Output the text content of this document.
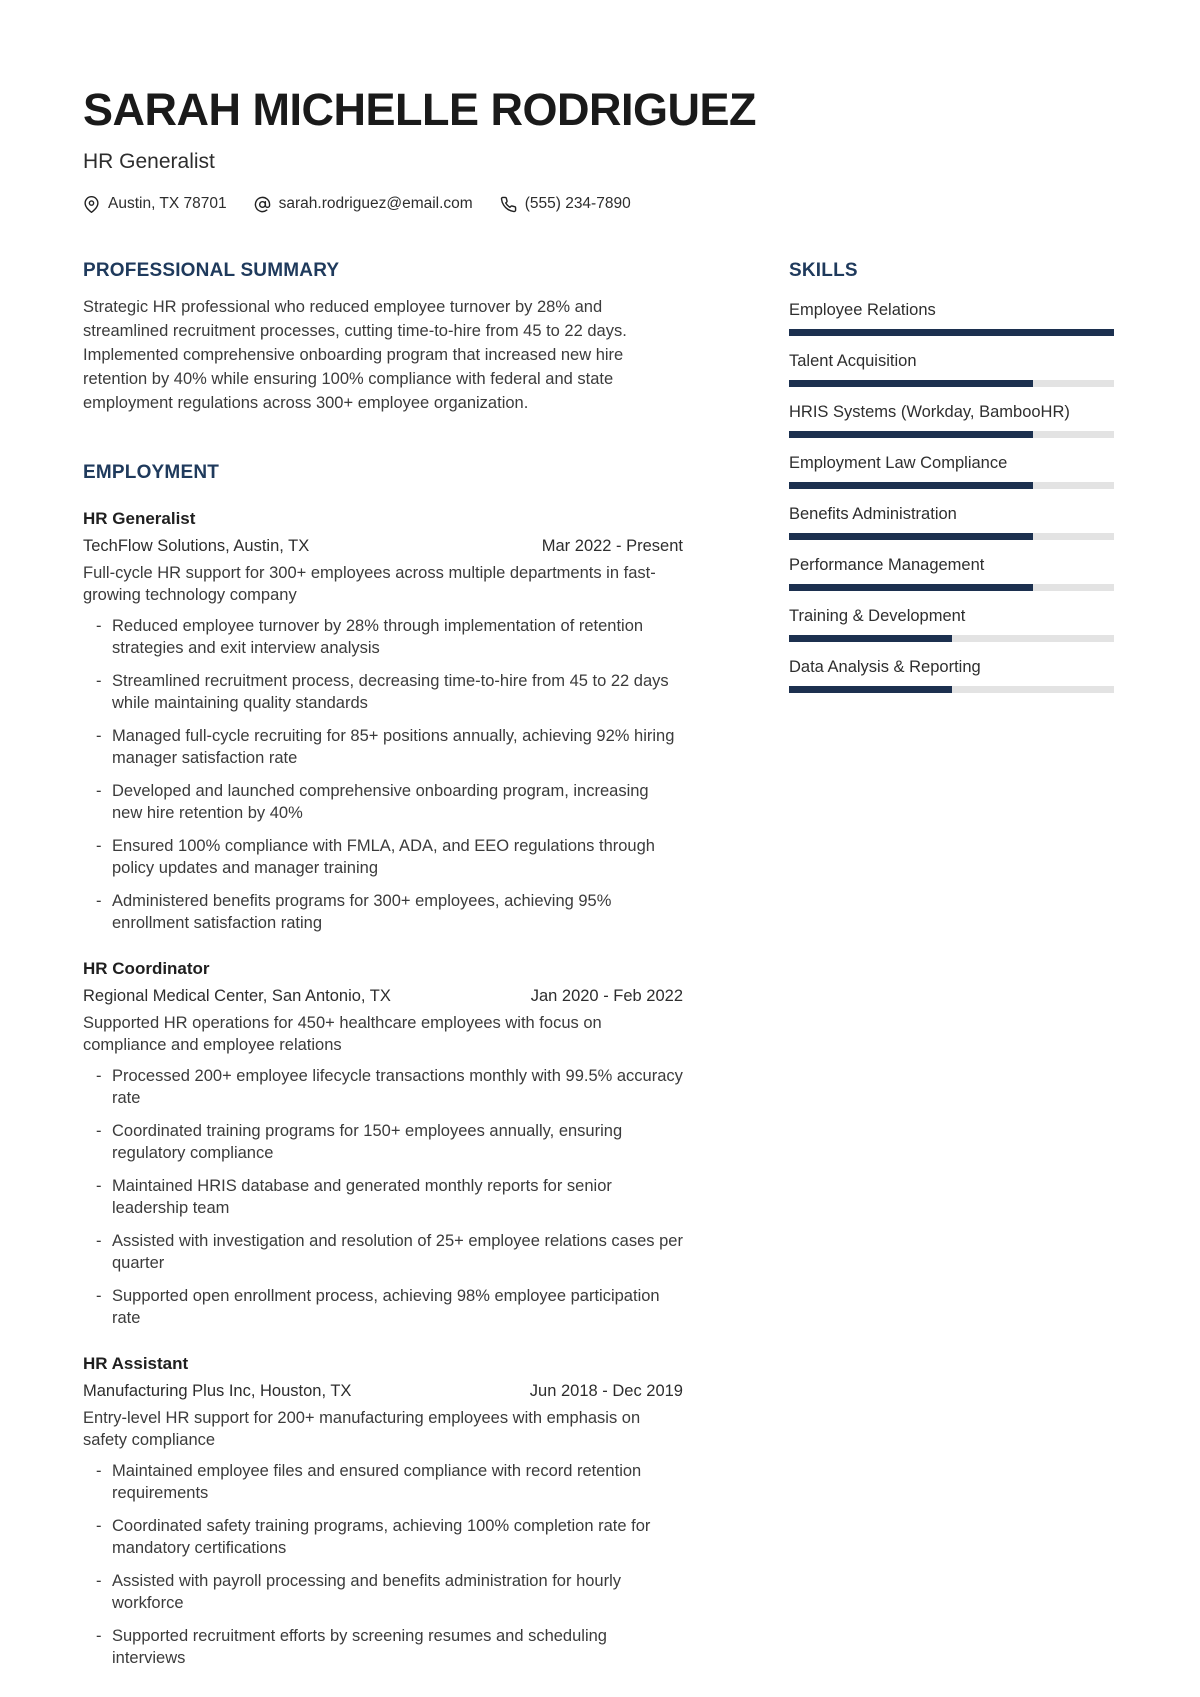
SARAH MICHELLE RODRIGUEZ
HR Generalist
Austin, TX 78701	sarah.rodriguez@email.com	(555) 234-7890
PROFESSIONAL SUMMARY

Strategic HR professional who reduced employee turnover by 28% and streamlined recruitment processes, cutting time-to-hire from 45 to 22 days. Implemented comprehensive onboarding program that increased new hire retention by 40% while ensuring 100% compliance with federal and state employment regulations across 300+ employee organization.

EMPLOYMENT
HR Generalist
TechFlow Solutions, Austin, TX	Mar 2022 - Present

Full-cycle HR support for 300+ employees across multiple departments in fast-growing technology company

- Reduced employee turnover by 28% through implementation of retention strategies and exit interview analysis
- Streamlined recruitment process, decreasing time-to-hire from 45 to 22 days while maintaining quality standards
- Managed full-cycle recruiting for 85+ positions annually, achieving 92% hiring manager satisfaction rate
- Developed and launched comprehensive onboarding program, increasing new hire retention by 40%
- Ensured 100% compliance with FMLA, ADA, and EEO regulations through policy updates and manager training
- Administered benefits programs for 300+ employees, achieving 95% enrollment satisfaction rating
HR Coordinator
Regional Medical Center, San Antonio, TX	Jan 2020 - Feb 2022

Supported HR operations for 450+ healthcare employees with focus on compliance and employee relations

- Processed 200+ employee lifecycle transactions monthly with 99.5% accuracy rate
- Coordinated training programs for 150+ employees annually, ensuring regulatory compliance
- Maintained HRIS database and generated monthly reports for senior leadership team
- Assisted with investigation and resolution of 25+ employee relations cases per quarter
- Supported open enrollment process, achieving 98% employee participation rate
HR Assistant
Manufacturing Plus Inc, Houston, TX	Jun 2018 - Dec 2019

Entry-level HR support for 200+ manufacturing employees with emphasis on safety compliance

- Maintained employee files and ensured compliance with record retention requirements
- Coordinated safety training programs, achieving 100% completion rate for mandatory certifications
- Assisted with payroll processing and benefits administration for hourly workforce
- Supported recruitment efforts by screening resumes and scheduling interviews
SKILLS
Employee Relations
Talent Acquisition
HRIS Systems (Workday, BambooHR)
Employment Law Compliance
Benefits Administration
Performance Management
Training & Development
Data Analysis & Reporting
